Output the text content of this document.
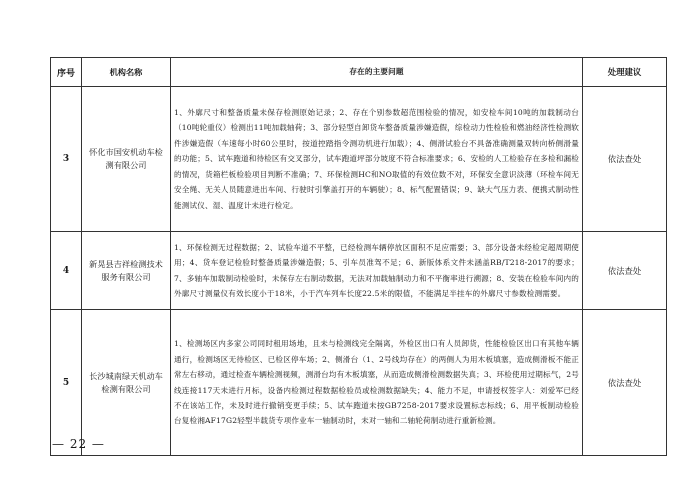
序号	机构名称	存在的主要问题	处理建议
3	怀化市国安机动车检测有限公司	1、外廓尺寸和整备质量未保存检测原始记录；2、存在个别参数超范围检验的情况，如安检车间10吨的加载制动台（10吨轮重仪）检测出11吨加载轴荷；3、部分轻型自卸货车整备质量涉嫌造假，综检动力性检验和燃油经济性检测软件涉嫌造假（车速每小时60公里时，按道控踏指令测功机进行加载）；4、侧滑试验台不具备准确测量双转向桥侧滑量的功能；5、试车跑道和待检区有交叉部分，试车跑道坪部分坡度不符合标准要求；6、安检的人工检验存在多检和漏检的情况，货箱栏板检验项目判断不准确；7、环保检测HC和NO取值的有效位数不对，环保安全意识淡薄（环检车间无安全绳、无关人员随意进出车间、行驶时引擎盖打开的车辆驶）；8、标气配置错误；9、缺大气压力表、便携式制动性能测试仪、湿、温度计未进行检定。	依法查处
4	新晃县吉祥检测技术服务有限公司	1、环保检测无过程数据；2、试验车道不平整，已经检测车辆停放区面积不足应需要；3、部分设备未经检定超周期使用；4、货车登记检验时整备质量涉嫌造假；5、引车员准驾不足；6、新版体系文件未涵盖RB/T218-2017的要求；7、多轴车加载制动检验时，未保存左右制动数据，无法对加载轴制动力和不平衡率进行溯源；8、安装在检验车间内的外廓尺寸测量仪有效长度小于18米，小于汽车列车长度22.5米的限值，不能满足半挂车的外廓尺寸参数检测需要。	依法查处
5	长沙城南绿天机动车检测有限公司	1、检测场区内多家公司同时租用场地，且未与检测线完全隔离，外检区出口有人员卸货，性能检验区出口有其他车辆通行，检测场区无待检区、已检区停车场；2、侧滑台（1、2号线均存在）的两侧人为用木板填塞，造成侧滑板不能正常左右移动，通过检查车辆检测视频，测滑台均有木板填塞，从而造成侧滑检测数据失真；3、环检使用过期标气，2号线连接117天未进行月标，设备内检测过程数据检验员或检测数据缺失；4、能力不足，申请授权签字人：刘爱军已经不在该站工作，未及时进行撤销变更手续；5、试车跑道未按GB7258-2017要求设置标志标线；6、用平板制动检验台复检湘AF17G2轻型半载货专项作业车一轴制动时，未对一轴和二轴轮荷制动进行重新检测。	依法查处
— 22 —
